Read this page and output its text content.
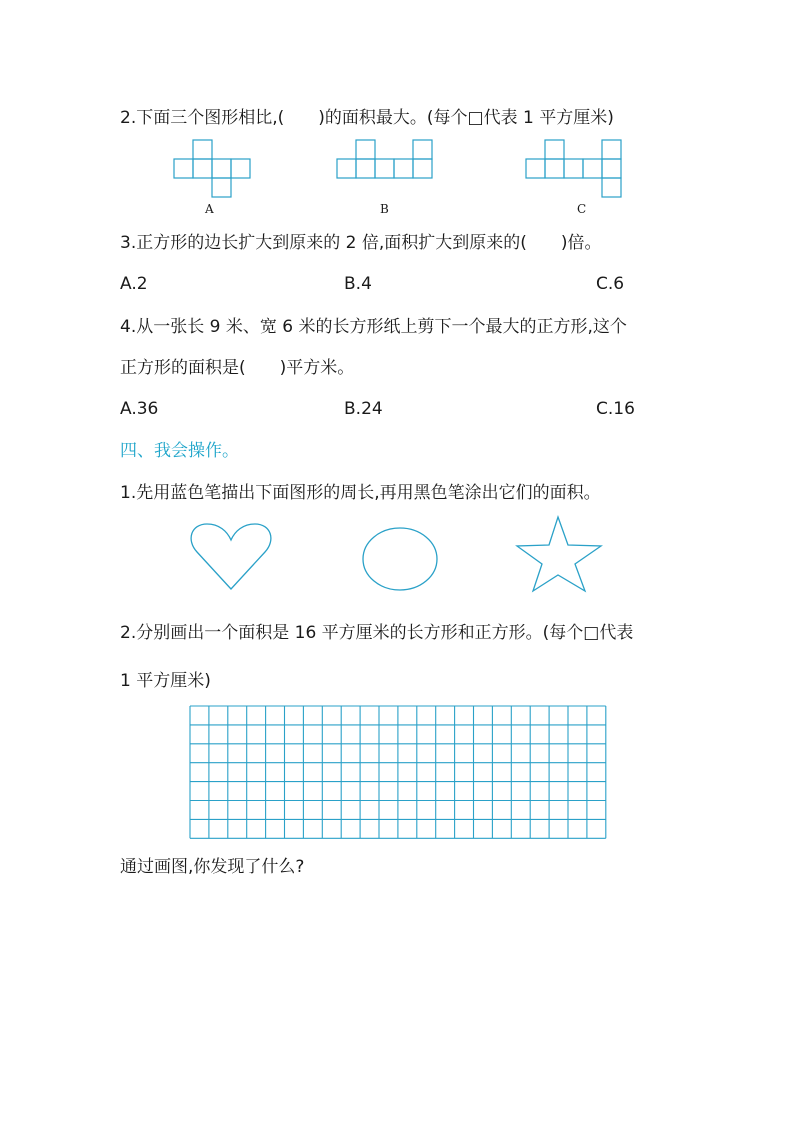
2.下面三个图形相比,(　　)的面积最大。(每个□代表 1 平方厘米)
A	B	C
3.正方形的边长扩大到原来的 2 倍,面积扩大到原来的(　　)倍。
A.2	B.4	C.6
4.从一张长 9 米、宽 6 米的长方形纸上剪下一个最大的正方形,这个
正方形的面积是(　　)平方米。
A.36	B.24	C.16
四、我会操作。
1.先用蓝色笔描出下面图形的周长,再用黑色笔涂出它们的面积。
2.分别画出一个面积是 16 平方厘米的长方形和正方形。(每个□代表
1 平方厘米)
通过画图,你发现了什么?
